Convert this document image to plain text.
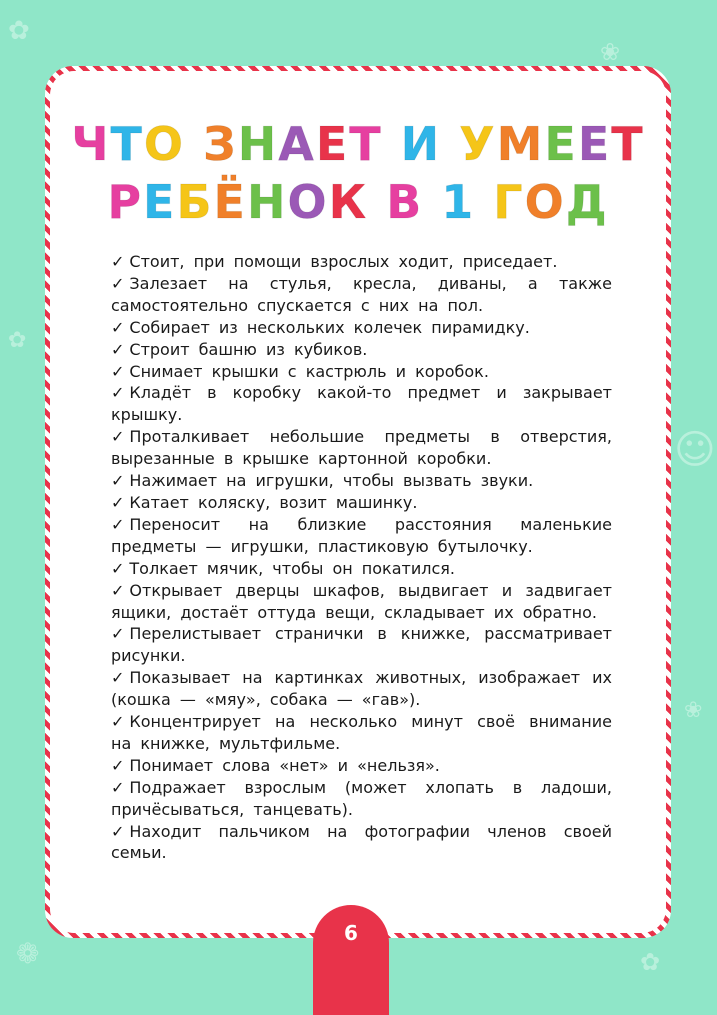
✿
❀
☺
✿
❁	✿
❀
ЧТО ЗНАЕТ И УМЕЕТ
РЕБЁНОК В 1 ГОД
✓ Стоит, при помощи взрослых ходит, приседает.
✓ Залезает на стулья, кресла, диваны, а также самостоятельно спускается с них на пол.
✓ Собирает из нескольких колечек пирамидку.
✓ Строит башню из кубиков.
✓ Снимает крышки с кастрюль и коробок.
✓ Кладёт в коробку какой-то предмет и закрывает крышку.
✓ Проталкивает небольшие предметы в отверстия, вырезанные в крышке картонной коробки.
✓ Нажимает на игрушки, чтобы вызвать звуки.
✓ Катает коляску, возит машинку.
✓ Переносит на близкие расстояния маленькие предметы — игрушки, пластиковую бутылочку.
✓ Толкает мячик, чтобы он покатился.
✓ Открывает дверцы шкафов, выдвигает и задвигает ящики, достаёт оттуда вещи, складывает их обратно.
✓ Перелистывает странички в книжке, рассматривает рисунки.
✓ Показывает на картинках животных, изображает их (кошка — «мяу», собака — «гав»).
✓ Концентрирует на несколько минут своё внимание на книжке, мультфильме.
✓ Понимает слова «нет» и «нельзя».
✓ Подражает взрослым (может хлопать в ладоши, причёсываться, танцевать).
✓ Находит пальчиком на фотографии членов своей семьи.
6
